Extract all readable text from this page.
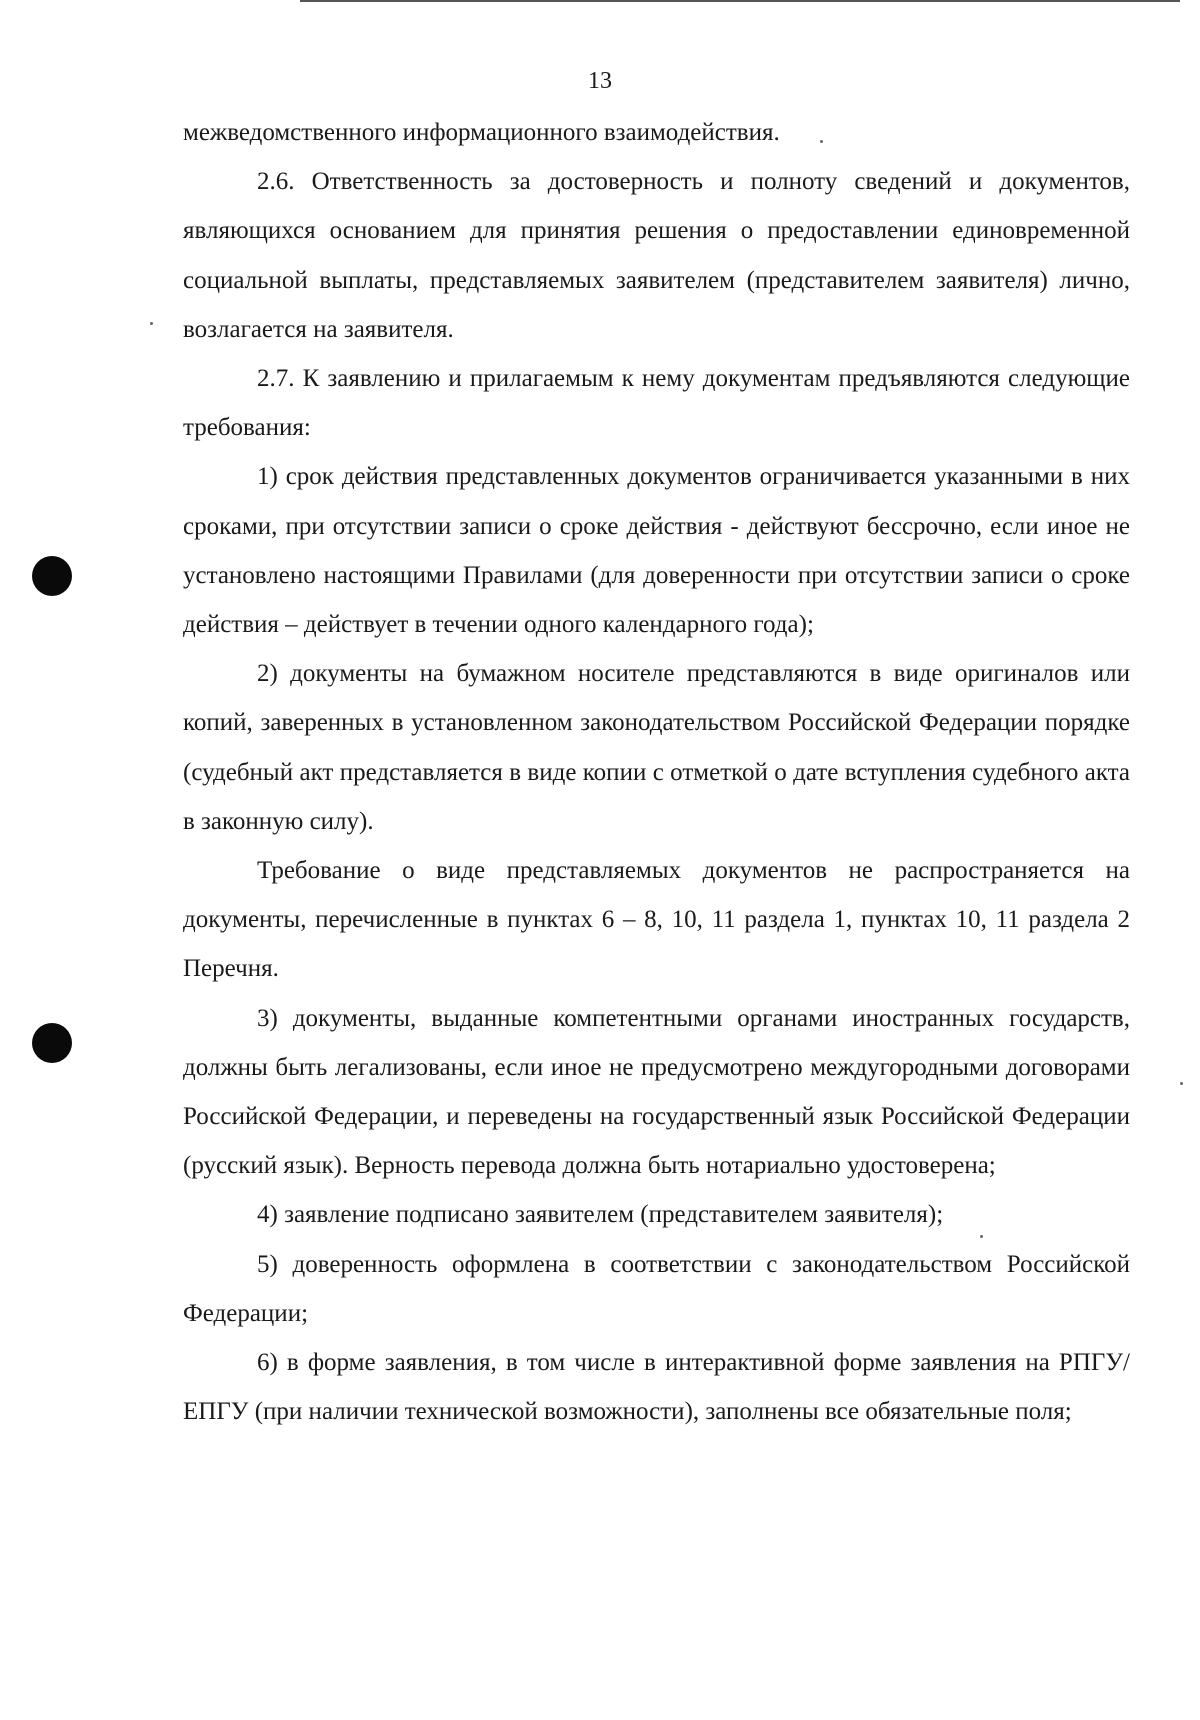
13

межведомственного информационного взаимодействия.

2.6. Ответственность за достоверность и полноту сведений и документов, являющихся основанием для принятия решения о предоставлении единовременной социальной выплаты, представляемых заявителем (представителем заявителя) лично, возлагается на заявителя.

2.7. К заявлению и прилагаемым к нему документам предъявляются следующие требования:

1) срок действия представленных документов ограничивается указанными в них сроками, при отсутствии записи о сроке действия - действуют бессрочно, если иное не установлено настоящими Правилами (для доверенности при отсутствии записи о сроке действия – действует в течении одного календарного года);

2) документы на бумажном носителе представляются в виде оригиналов или копий, заверенных в установленном законодательством Российской Федерации порядке (судебный акт представляется в виде копии с отметкой о дате вступления судебного акта в законную силу).

Требование о виде представляемых документов не распространяется на документы, перечисленные в пунктах 6 – 8, 10, 11 раздела 1, пунктах 10, 11 раздела 2 Перечня.

3) документы, выданные компетентными органами иностранных государств, должны быть легализованы, если иное не предусмотрено междугородными договорами Российской Федерации, и переведены на государственный язык Российской Федерации (русский язык). Верность перевода должна быть нотариально удостоверена;

4) заявление подписано заявителем (представителем заявителя);

5) доверенность оформлена в соответствии с законодательством Российской Федерации;

6) в форме заявления, в том числе в интерактивной форме заявления на РПГУ/ЕПГУ (при наличии технической возможности), заполнены все обязательные поля;
